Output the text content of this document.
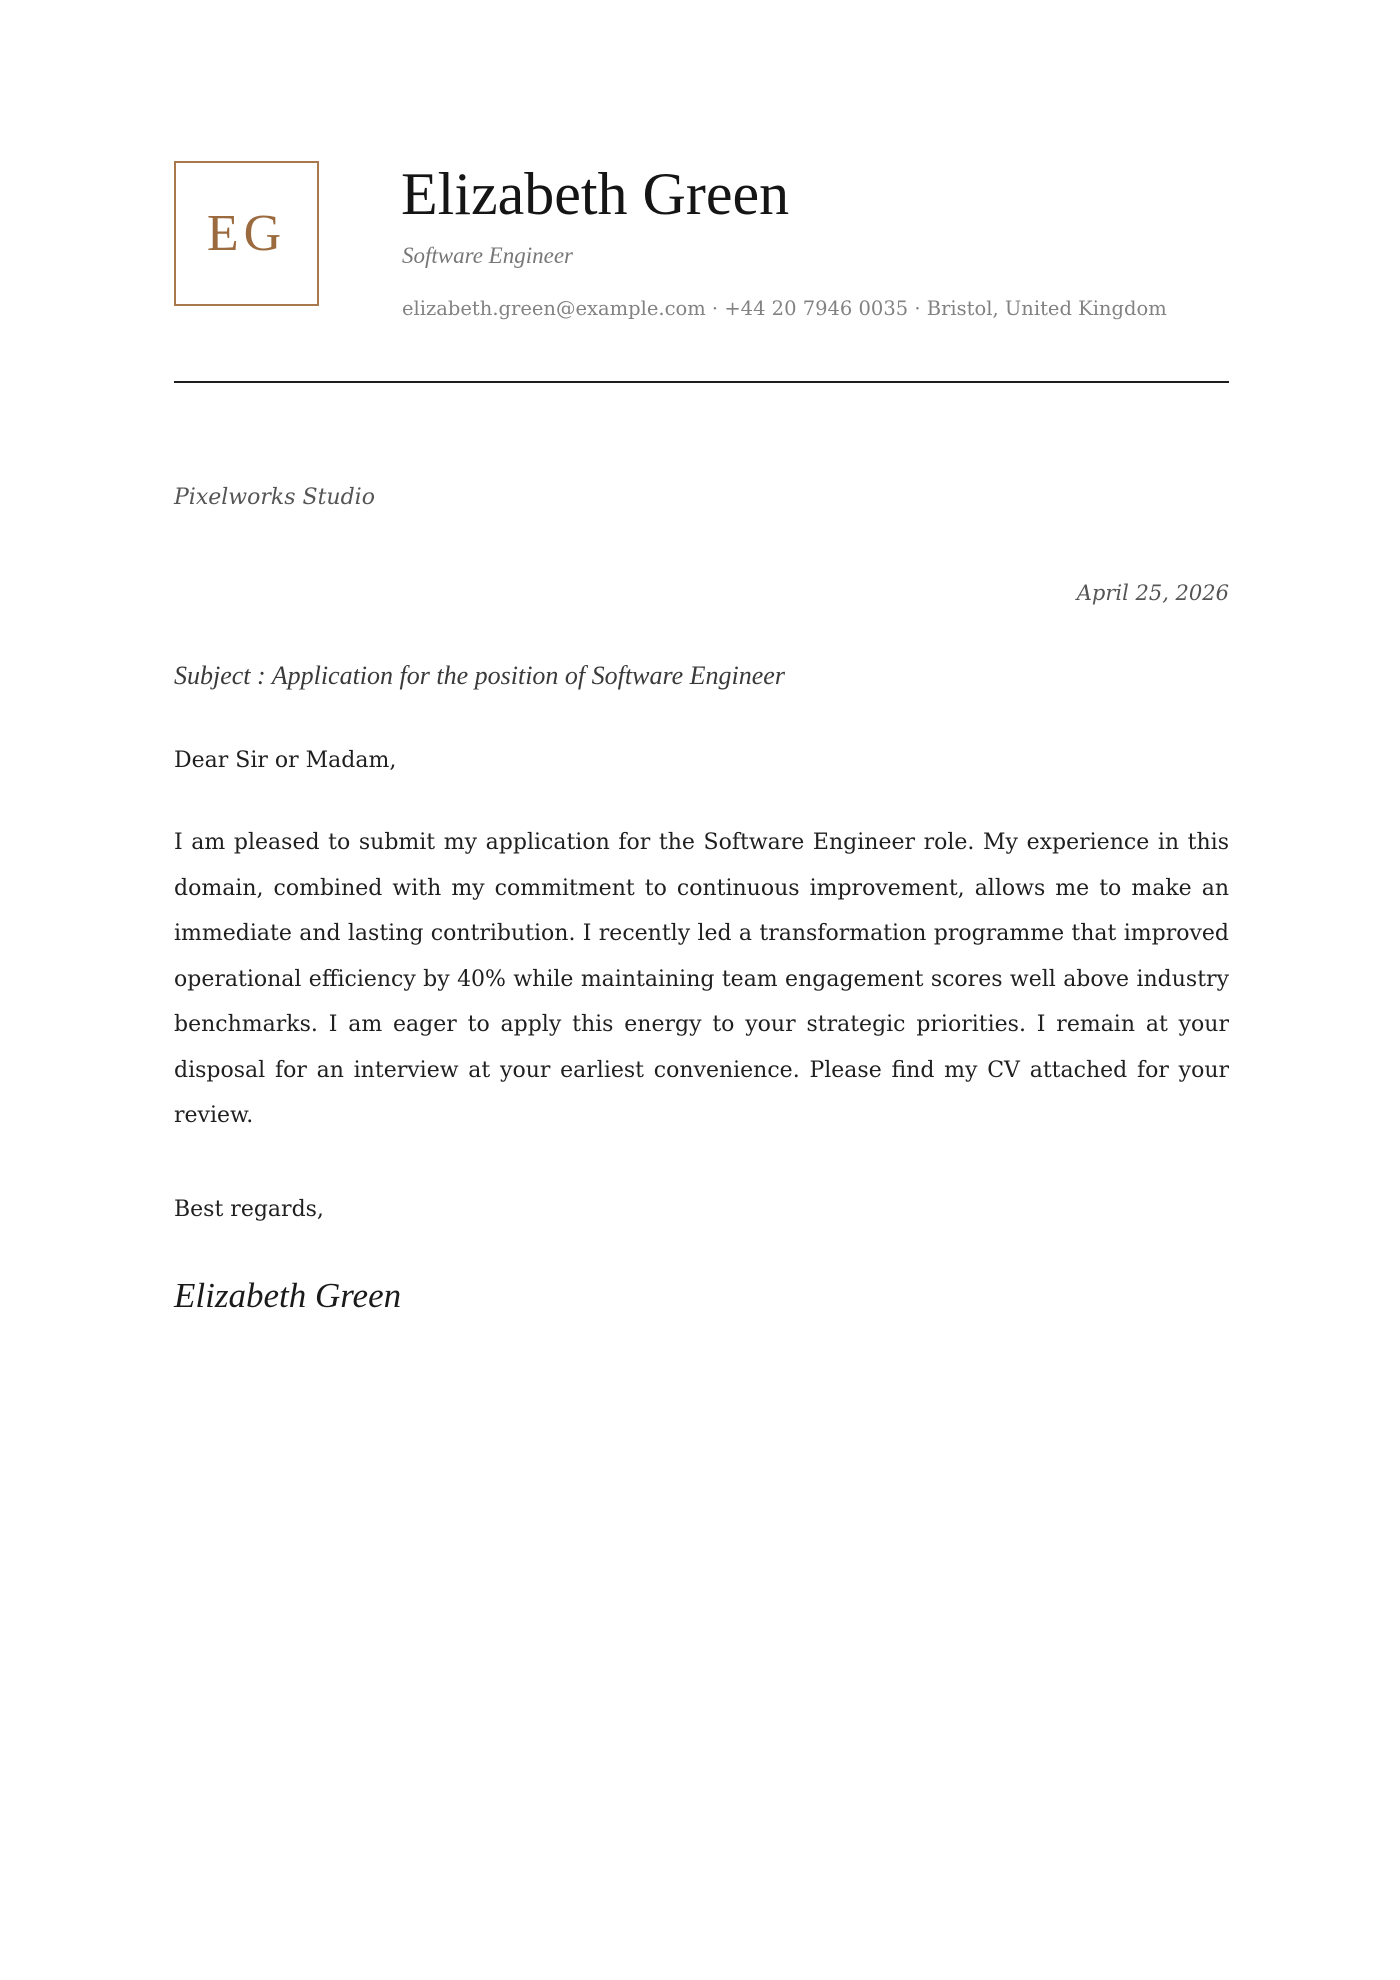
EG
Elizabeth Green
Software Engineer
elizabeth.green@example.com · +44 20 7946 0035 · Bristol, United Kingdom
Pixelworks Studio
April 25, 2026
Subject : Application for the position of Software Engineer
Dear Sir or Madam,

I am pleased to submit my application for the Software Engineer role. My experience in this domain, combined with my commitment to continuous improvement, allows me to make an immediate and lasting contribution. I recently led a transformation programme that improved operational efficiency by 40% while maintaining team engagement scores well above industry benchmarks. I am eager to apply this energy to your strategic priorities. I remain at your disposal for an interview at your earliest convenience. Please find my CV attached for your review.

Best regards,
Elizabeth Green
